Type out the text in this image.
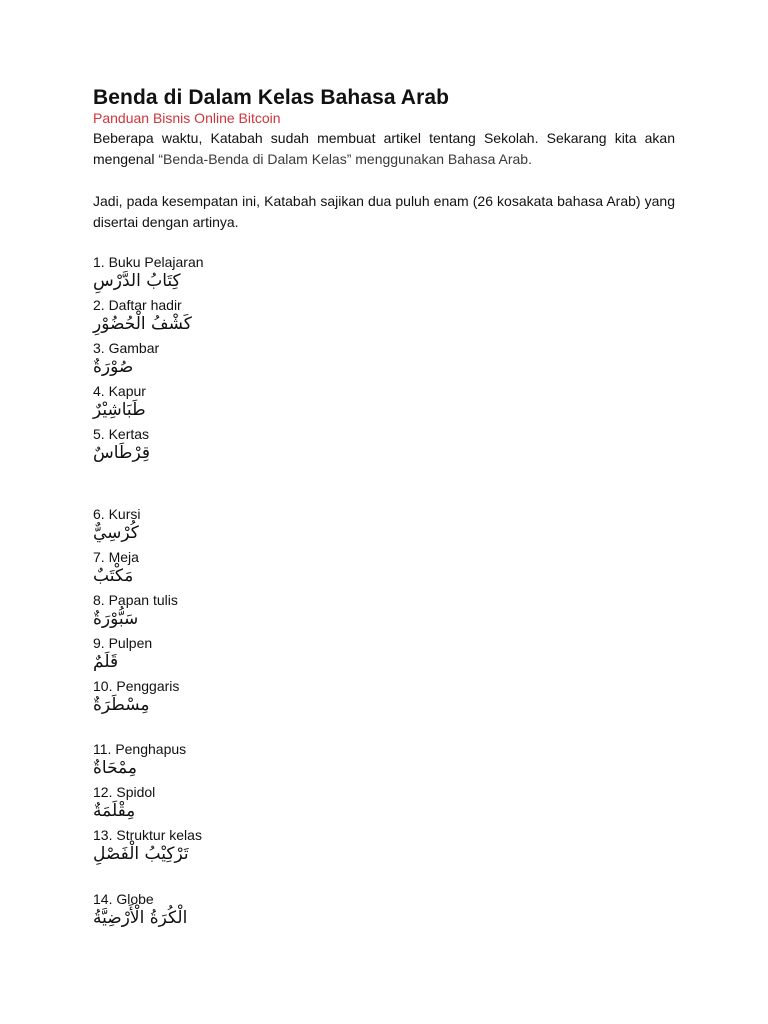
Benda di Dalam Kelas Bahasa Arab
Panduan Bisnis Online Bitcoin
Beberapa waktu, Katabah sudah membuat artikel tentang Sekolah. Sekarang kita akan mengenal “Benda-Benda di Dalam Kelas” menggunakan Bahasa Arab.
Jadi, pada kesempatan ini, Katabah sajikan dua puluh enam (26 kosakata bahasa Arab) yang disertai dengan artinya.
1. Buku Pelajaran
كِتَابُ الدَّرْسِ
2. Daftar hadir
كَشْفُ الْحُضُوْرِ
3. Gambar
صُوْرَةٌ
4. Kapur
طَبَاشِيْرٌ
5. Kertas
قِرْطَاسٌ
6. Kursi
كُرْسِيٌّ
7. Meja
مَكْتَبٌ
8. Papan tulis
سَبُّوْرَةٌ
9. Pulpen
قَلَمٌ
10. Penggaris
مِسْطَرَةٌ
11. Penghapus
مِمْحَاةٌ
12. Spidol
مِقْلَمَةٌ
13. Struktur kelas
تَرْكِيْبُ الْفَصْلِ
14. Globe
الْكُرَةُ الْأَرْضِيَّةُ
